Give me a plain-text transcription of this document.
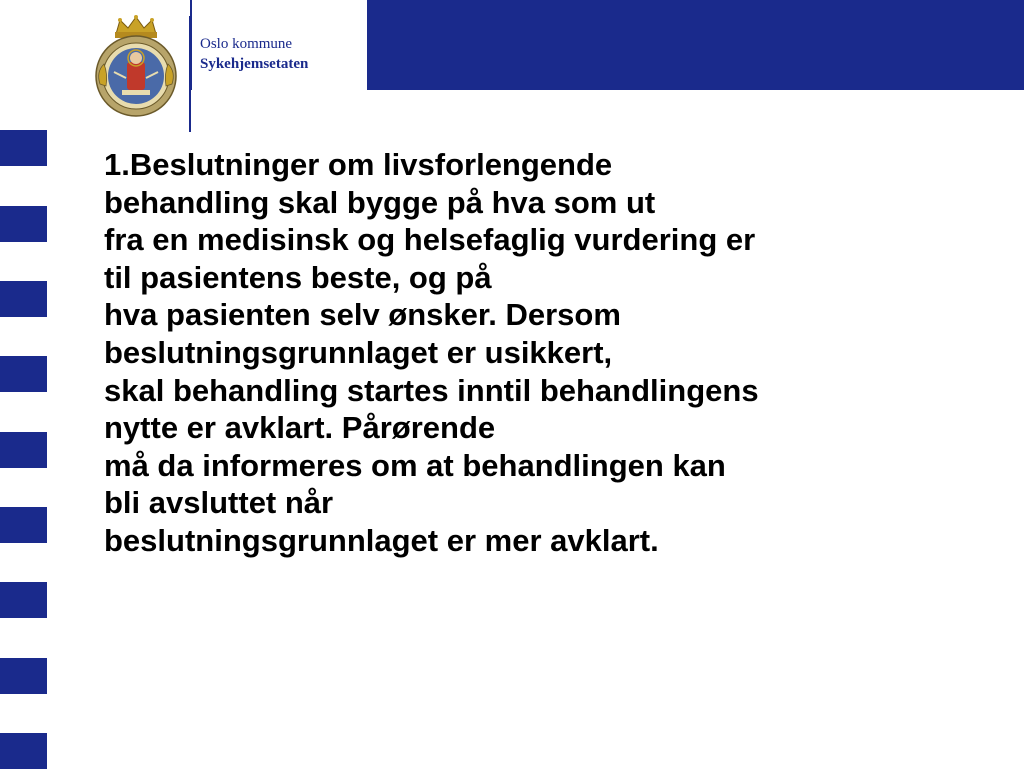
Oslo kommune
Sykehjemsetaten

1.Beslutninger om livsforlengende

behandling skal bygge på hva som ut

fra en medisinsk og helsefaglig vurdering er

til pasientens beste, og på

hva pasienten selv ønsker. Dersom

beslutningsgrunnlaget er usikkert,

skal behandling startes inntil behandlingens

nytte er avklart. Pårørende

må da informeres om at behandlingen kan

bli avsluttet når

beslutningsgrunnlaget er mer avklart.
